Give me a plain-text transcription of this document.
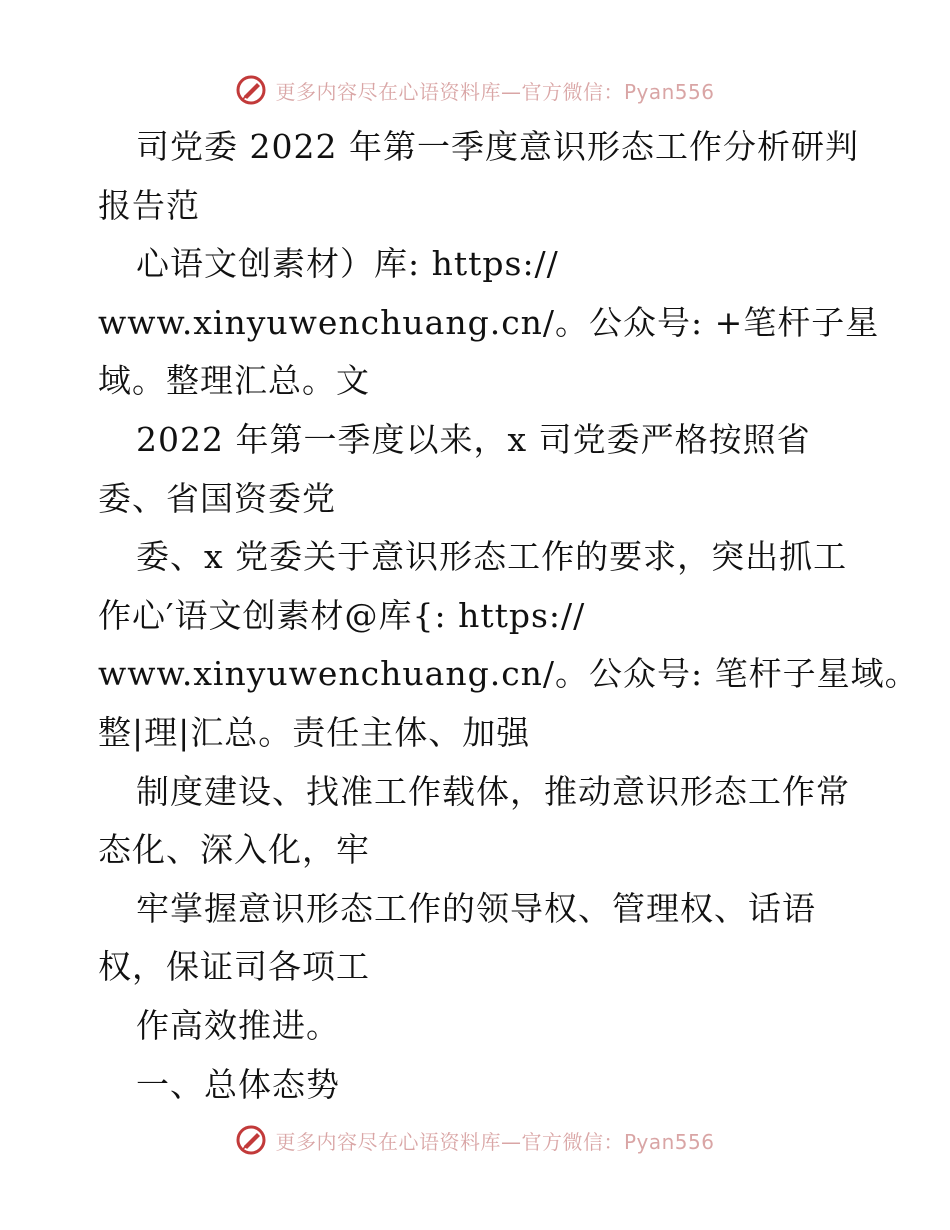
更多内容尽在心语资料库—官方微信：Pyan556
司党委 2022 年第一季度意识形态工作分析研判
报告范
心语文创素材）库: https://
www.xinyuwenchuang.cn/。公众号: +笔杆子星
域。整理汇总。文
2022 年第一季度以来，x 司党委严格按照省
委、省国资委党
委、x 党委关于意识形态工作的要求，突出抓工
作心′语文创素材@库{: https://
www.xinyuwenchuang.cn/。公众号: 笔杆子星域。
整|理|汇总。责任主体、加强
制度建设、找准工作载体，推动意识形态工作常
态化、深入化，牢
牢掌握意识形态工作的领导权、管理权、话语
权，保证司各项工
作高效推进。
一、总体态势
更多内容尽在心语资料库—官方微信：Pyan556
